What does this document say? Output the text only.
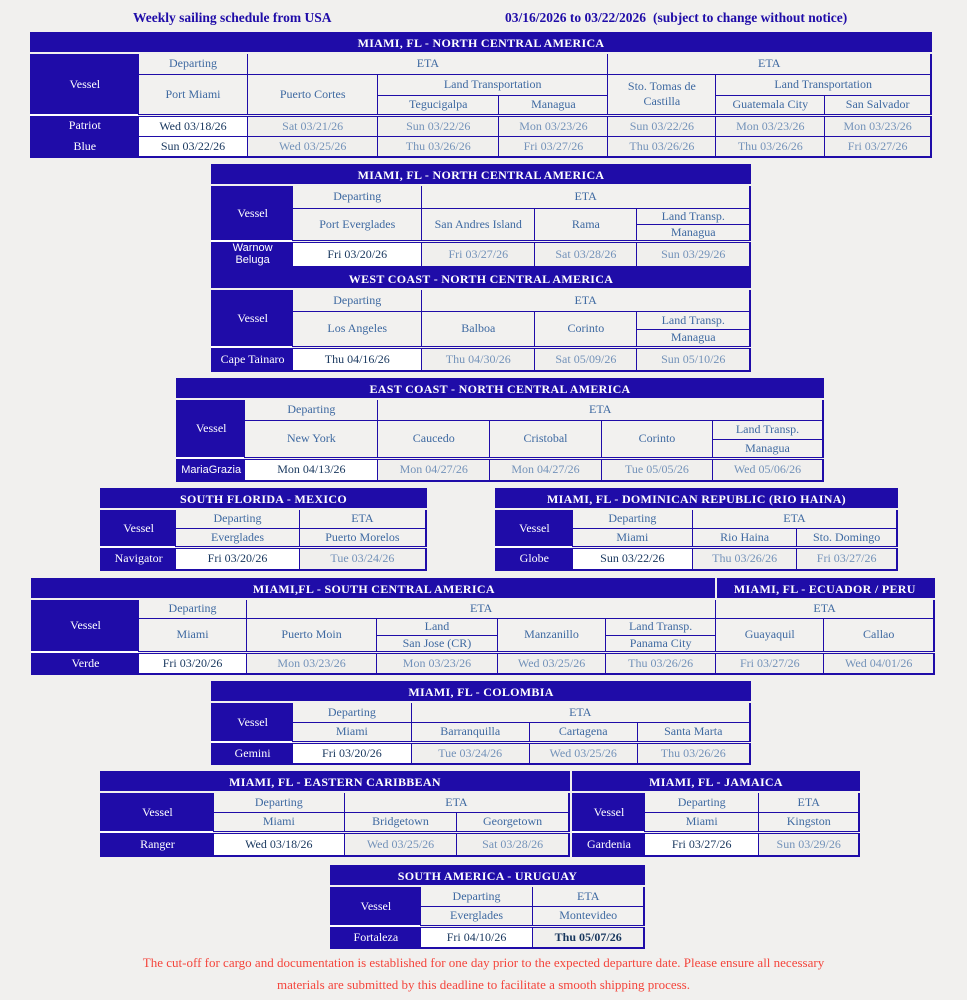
Weekly sailing schedule from USA	03/16/2026 to 03/22/2026 (subject to change without notice)
MIAMI, FL - NORTH CENTRAL AMERICA							
Vessel	Departing	ETA			ETA		
	Port Miami	Puerto Cortes	Land Transportation		Sto. Tomas de Castilla	Land Transportation	
			Tegucigalpa	Managua		Guatemala City	San Salvador
Patriot	Wed 03/18/26	Sat 03/21/26	Sun 03/22/26	Mon 03/23/26	Sun 03/22/26	Mon 03/23/26	Mon 03/23/26
Blue	Sun 03/22/26	Wed 03/25/26	Thu 03/26/26	Fri 03/27/26	Thu 03/26/26	Thu 03/26/26	Fri 03/27/26
MIAMI, FL - NORTH CENTRAL AMERICA				
Vessel	Departing	ETA		
	Port Everglades	San Andres Island	Rama	Land Transp.
				Managua
Warnow Beluga	Fri 03/20/26	Fri 03/27/26	Sat 03/28/26	Sun 03/29/26
WEST COAST - NORTH CENTRAL AMERICA				
Vessel	Departing	ETA		
	Los Angeles	Balboa	Corinto	Land Transp.
				Managua
Cape Tainaro	Thu 04/16/26	Thu 04/30/26	Sat 05/09/26	Sun 05/10/26
EAST COAST - NORTH CENTRAL AMERICA					
Vessel	Departing	ETA			
	New York	Caucedo	Cristobal	Corinto	Land Transp.
					Managua
MariaGrazia	Mon 04/13/26	Mon 04/27/26	Mon 04/27/26	Tue 05/05/26	Wed 05/06/26
SOUTH FLORIDA - MEXICO		
Vessel	Departing	ETA
	Everglades	Puerto Morelos
Navigator	Fri 03/20/26	Tue 03/24/26
MIAMI, FL - DOMINICAN REPUBLIC (RIO HAINA)			
Vessel	Departing	ETA	
	Miami	Rio Haina	Sto. Domingo
Globe	Sun 03/22/26	Thu 03/26/26	Fri 03/27/26
MIAMI,FL - SOUTH CENTRAL AMERICA						MIAMI, FL - ECUADOR / PERU	
Vessel	Departing	ETA				ETA	
	Miami	Puerto Moin	Land	Manzanillo	Land Transp.	Guayaquil	Callao
			San Jose (CR)		Panama City		
Verde	Fri 03/20/26	Mon 03/23/26	Mon 03/23/26	Wed 03/25/26	Thu 03/26/26	Fri 03/27/26	Wed 04/01/26
MIAMI, FL - COLOMBIA				
Vessel	Departing	ETA		
	Miami	Barranquilla	Cartagena	Santa Marta
Gemini	Fri 03/20/26	Tue 03/24/26	Wed 03/25/26	Thu 03/26/26
MIAMI, FL - EASTERN CARIBBEAN			
Vessel	Departing	ETA	
	Miami	Bridgetown	Georgetown
Ranger	Wed 03/18/26	Wed 03/25/26	Sat 03/28/26
MIAMI, FL - JAMAICA		
Vessel	Departing	ETA
	Miami	Kingston
Gardenia	Fri 03/27/26	Sun 03/29/26
SOUTH AMERICA - URUGUAY		
Vessel	Departing	ETA
	Everglades	Montevideo
Fortaleza	Fri 04/10/26	Thu 05/07/26
The cut-off for cargo and documentation is established for one day prior to the expected departure date. Please ensure all necessary
materials are submitted by this deadline to facilitate a smooth shipping process.
